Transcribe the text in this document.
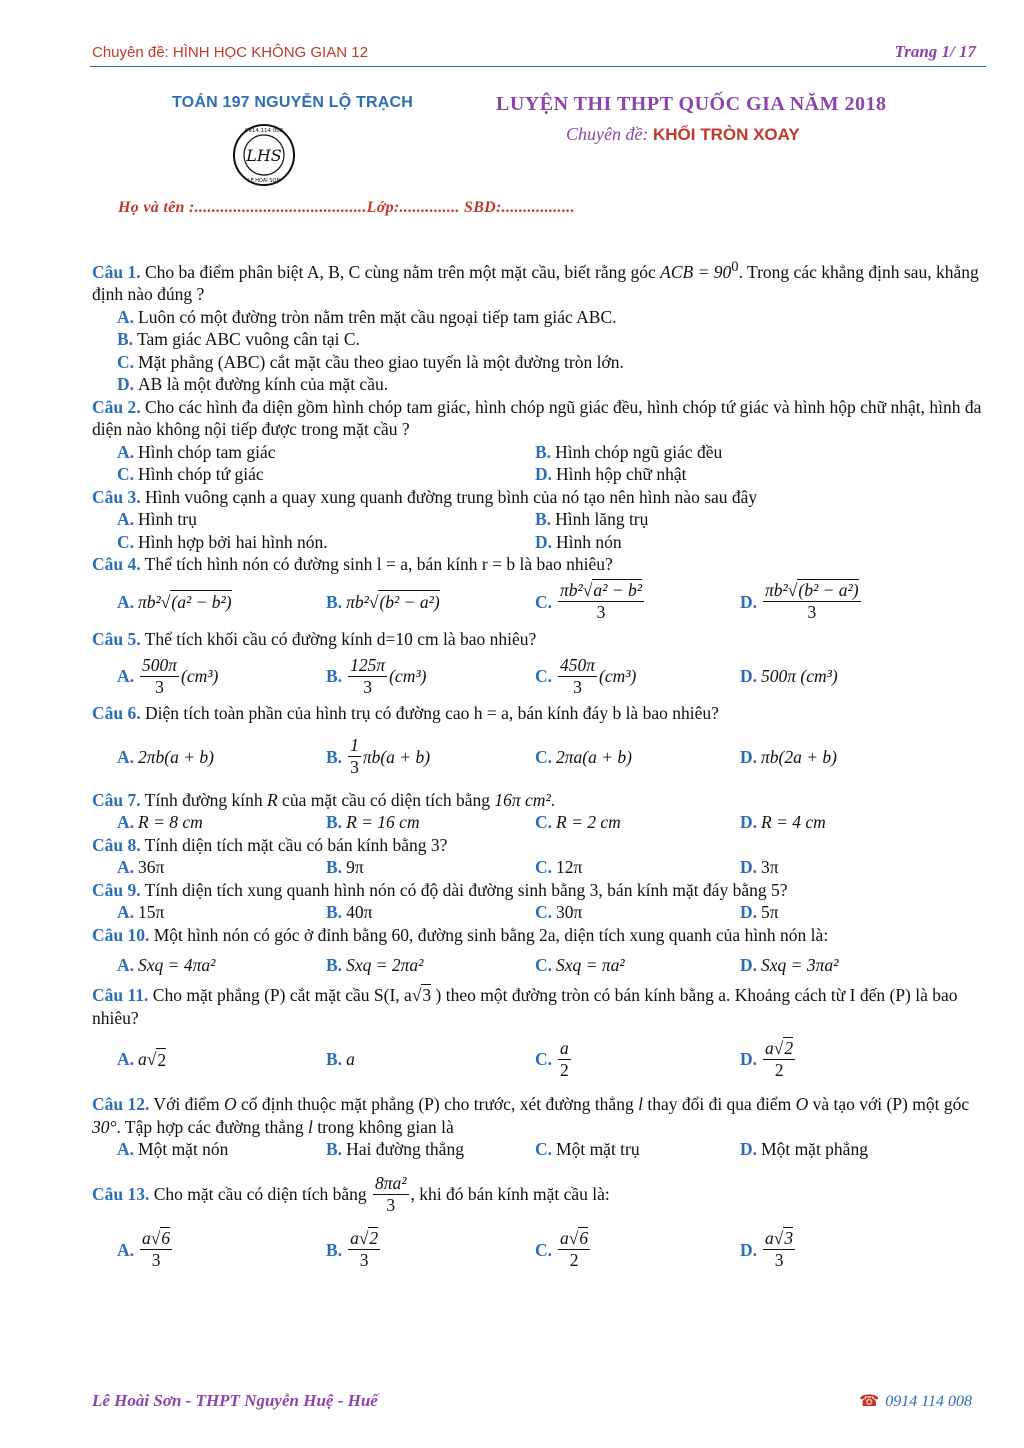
Chuyên đề: HÌNH HỌC KHÔNG GIAN 12	Trang 1/ 17
TOÁN 197 NGUYỄN LỘ TRẠCH
LHS
0914.114.008
LE HOAI SON
LUYỆN THI THPT QUỐC GIA NĂM 2018
Chuyên đề: KHỐI TRÒN XOAY
Họ và tên :........................................Lớp:.............. SBD:.................

Câu 1. Cho ba điểm phân biệt A, B, C cùng nằm trên một mặt cầu, biết rằng góc ACB = $90^0$. Trong các khẳng định sau, khẳng định nào đúng ?

A. Luôn có một đường tròn nằm trên mặt cầu ngoại tiếp tam giác ABC.
B. Tam giác ABC vuông cân tại C.
C. Mặt phẳng (ABC) cắt mặt cầu theo giao tuyến là một đường tròn lớn.
D. AB là một đường kính của mặt cầu.

Câu 2. Cho các hình đa diện gồm hình chóp tam giác, hình chóp ngũ giác đều, hình chóp tứ giác và hình hộp chữ nhật, hình đa diện nào không nội tiếp được trong mặt cầu ?

A. Hình chóp tam giác	B. Hình chóp ngũ giác đều
C. Hình chóp tứ giác	D. Hình hộp chữ nhật

Câu 3. Hình vuông cạnh a quay xung quanh đường trung bình của nó tạo nên hình nào sau đây

A. Hình trụ	B. Hình lăng trụ
C. Hình hợp bởi hai hình nón.	D. Hình nón

Câu 4. Thể tích hình nón có đường sinh l = a, bán kính r = b là bao nhiêu?

A. πb² √ (a² − b²)	B. πb² √ (b² − a²)	C. $\frac{\text{πb²√a² − b²}}{3}$	D. $\frac{\text{πb²√(b² − a²)}}{3}$

Câu 5. Thể tích khối cầu có đường kính d=10 cm là bao nhiêu?

A. $\frac{500\pi}{3} (cm^3)$	B. $\frac{125\pi}{3} (cm^3)$	C. $\frac{450\pi}{3} (cm^3)$	D. 500π (cm³)

Câu 6. Diện tích toàn phần của hình trụ có đường cao h = a, bán kính đáy b là bao nhiêu?

A. 2πb(a + b)	B. $\frac{1}{3} \pi b(a + b)$	C. 2πa(a + b)	D. πb(2a + b)

Câu 7. Tính đường kính R của mặt cầu có diện tích bằng 16π cm².

A. R = 8 cm	B. R = 16 cm	C. R = 2 cm	D. R = 4 cm

Câu 8. Tính diện tích mặt cầu có bán kính bằng 3?

A. 36π	B. 9π	C. 12π	D. 3π

Câu 9. Tính diện tích xung quanh hình nón có độ dài đường sinh bằng 3, bán kính mặt đáy bằng 5?

A. 15π	B. 40π	C. 30π	D. 5π

Câu 10. Một hình nón có góc ở đỉnh bằng 60, đường sinh bằng 2a, diện tích xung quanh của hình nón là:

A. Sxq = 4πa²	B. Sxq = 2πa²	C. Sxq = πa²	D. Sxq = 3πa²

Câu 11. Cho mặt phẳng (P) cắt mặt cầu S(I, a√3 ) theo một đường tròn có bán kính bằng a. Khoảng cách từ I đến (P) là bao nhiêu?

A. a √ 2	B. a	C. $\frac{a}{2}$	D. $\frac{a√2}{2}$

Câu 12. Với điểm O cố định thuộc mặt phẳng (P) cho trước, xét đường thẳng l thay đổi đi qua điểm O và tạo với (P) một góc 30°. Tập hợp các đường thẳng l trong không gian là

A. Một mặt nón	B. Hai đường thẳng	C. Một mặt trụ	D. Một mặt phẳng

Câu 13. Cho mặt cầu có diện tích bằng $\frac{\text{8πa²}}{3}$ , khi đó bán kính mặt cầu là:

A. $\frac{a√6}{3}$	B. $\frac{a√2}{3}$	C. $\frac{a√6}{2}$	D. $\frac{a√3}{3}$
Lê Hoài Sơn - THPT Nguyễn Huệ - Huế	☎ 0914 114 008
